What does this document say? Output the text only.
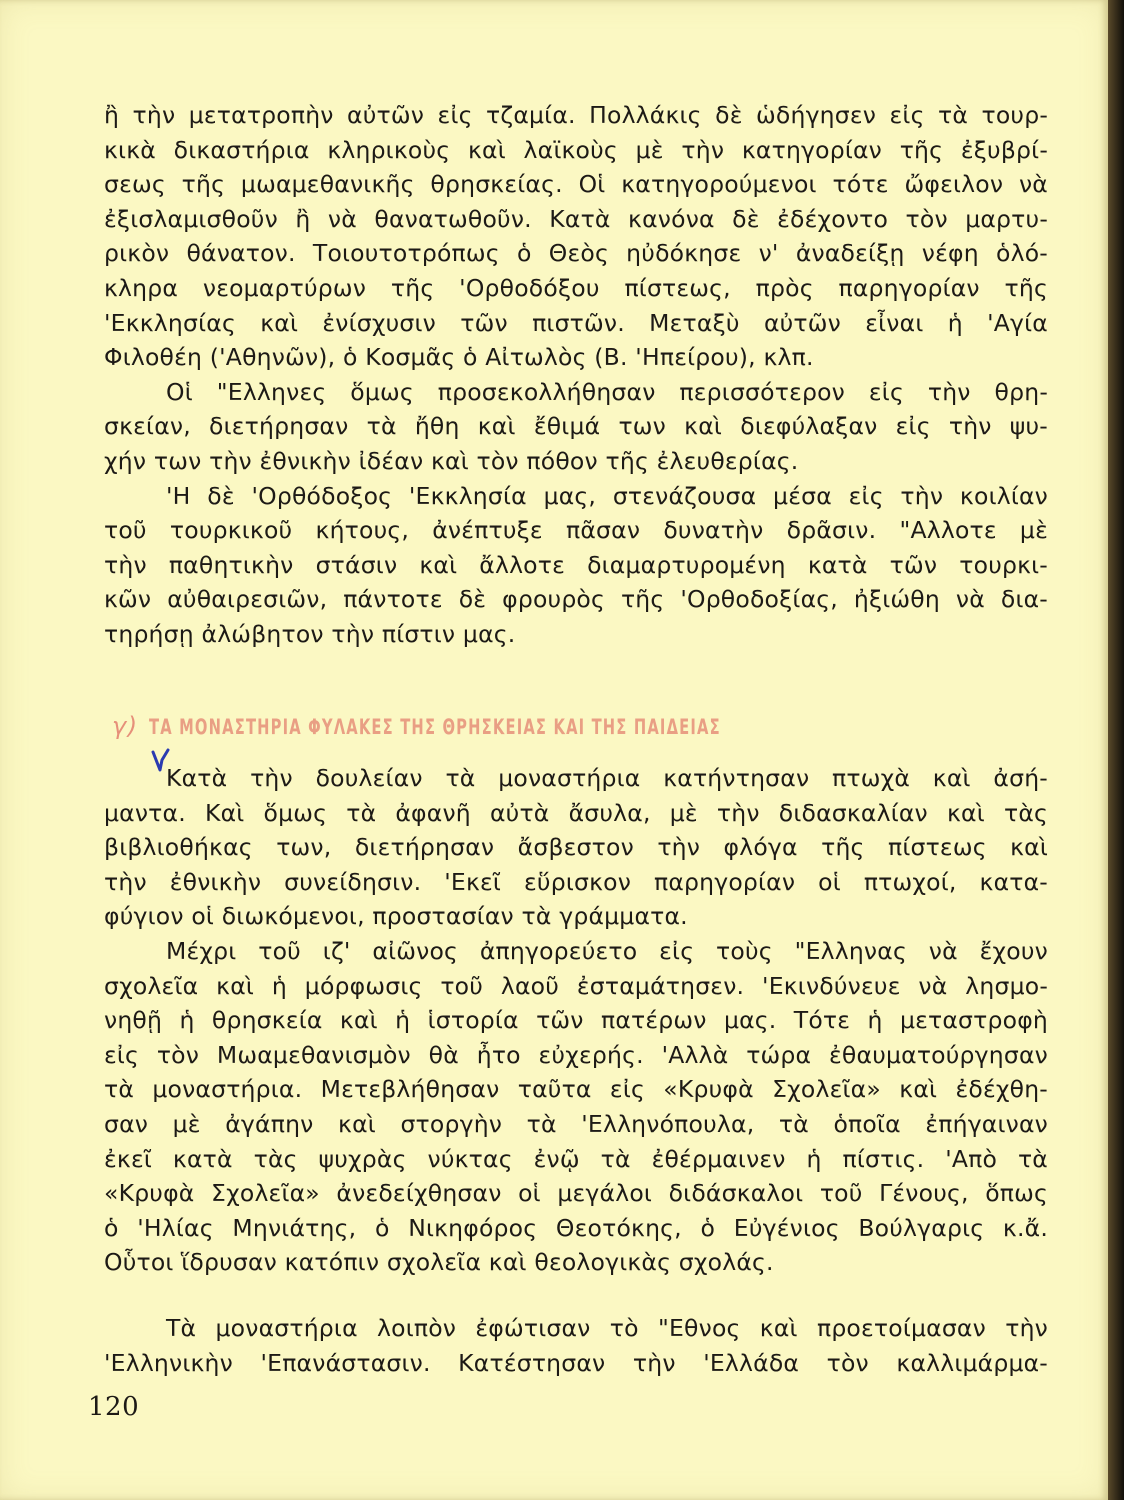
ἢ τὴν μετατροπὴν αὐτῶν εἰς τζαμία. Πολλάκις δὲ ὡδήγησεν εἰς τὰ τουρ-
κικὰ δικαστήρια κληρικοὺς καὶ λαϊκοὺς μὲ τὴν κατηγορίαν τῆς ἐξυβρί-
σεως τῆς μωαμεθανικῆς θρησκείας. Οἱ κατηγορούμενοι τότε ὤφειλον νὰ
ἐξισλαμισθοῦν ἢ νὰ θανατωθοῦν. Κατὰ κανόνα δὲ ἐδέχοντο τὸν μαρτυ-
ρικὸν θάνατον. Τοιουτοτρόπως ὁ Θεὸς ηὐδόκησε ν' ἀναδείξῃ νέφη ὁλό-
κληρα νεομαρτύρων τῆς 'Ορθοδόξου πίστεως, πρὸς παρηγορίαν τῆς
'Εκκλησίας καὶ ἐνίσχυσιν τῶν πιστῶν. Μεταξὺ αὐτῶν εἶναι ἡ 'Αγία
Φιλοθέη ('Αθηνῶν), ὁ Κοσμᾶς ὁ Αἰτωλὸς (Β. 'Ηπείρου), κλπ.

Οἱ "Ελληνες ὅμως προσεκολλήθησαν περισσότερον εἰς τὴν θρη-
σκείαν, διετήρησαν τὰ ἤθη καὶ ἔθιμά των καὶ διεφύλαξαν εἰς τὴν ψυ-
χήν των τὴν ἐθνικὴν ἰδέαν καὶ τὸν πόθον τῆς ἐλευθερίας.

'Η δὲ 'Ορθόδοξος 'Εκκλησία μας, στενάζουσα μέσα εἰς τὴν κοιλίαν
τοῦ τουρκικοῦ κήτους, ἀνέπτυξε πᾶσαν δυνατὴν δρᾶσιν. "Αλλοτε μὲ
τὴν παθητικὴν στάσιν καὶ ἄλλοτε διαμαρτυρομένη κατὰ τῶν τουρκι-
κῶν αὐθαιρεσιῶν, πάντοτε δὲ φρουρὸς τῆς 'Ορθοδοξίας, ἠξιώθη νὰ δια-
τηρήσῃ ἀλώβητον τὴν πίστιν μας.

γ) ΤΑ ΜΟΝΑΣΤΗΡΙΑ ΦΥΛΑΚΕΣ ΤΗΣ ΘΡΗΣΚΕΙΑΣ ΚΑΙ ΤΗΣ ΠΑΙΔΕΙΑΣ

Κατὰ τὴν δουλείαν τὰ μοναστήρια κατήντησαν πτωχὰ καὶ ἀσή-
μαντα. Καὶ ὅμως τὰ ἀφανῆ αὐτὰ ἄσυλα, μὲ τὴν διδασκαλίαν καὶ τὰς
βιβλιοθήκας των, διετήρησαν ἄσβεστον τὴν φλόγα τῆς πίστεως καὶ
τὴν ἐθνικὴν συνείδησιν. 'Εκεῖ εὕρισκον παρηγορίαν οἱ πτωχοί, κατα-
φύγιον οἱ διωκόμενοι, προστασίαν τὰ γράμματα.

Μέχρι τοῦ ιζ' αἰῶνος ἀπηγορεύετο εἰς τοὺς "Ελληνας νὰ ἔχουν
σχολεῖα καὶ ἡ μόρφωσις τοῦ λαοῦ ἐσταμάτησεν. 'Εκινδύνευε νὰ λησμο-
νηθῇ ἡ θρησκεία καὶ ἡ ἱστορία τῶν πατέρων μας. Τότε ἡ μεταστροφὴ
εἰς τὸν Μωαμεθανισμὸν θὰ ἦτο εὐχερής. 'Αλλὰ τώρα ἐθαυματούργησαν
τὰ μοναστήρια. Μετεβλήθησαν ταῦτα εἰς «Κρυφὰ Σχολεῖα» καὶ ἐδέχθη-
σαν μὲ ἀγάπην καὶ στοργὴν τὰ 'Ελληνόπουλα, τὰ ὁποῖα ἐπήγαιναν
ἐκεῖ κατὰ τὰς ψυχρὰς νύκτας ἐνῷ τὰ ἐθέρμαινεν ἡ πίστις. 'Απὸ τὰ
«Κρυφὰ Σχολεῖα» ἀνεδείχθησαν οἱ μεγάλοι διδάσκαλοι τοῦ Γένους, ὅπως
ὁ 'Ηλίας Μηνιάτης, ὁ Νικηφόρος Θεοτόκης, ὁ Εὐγένιος Βούλγαρις κ.ἄ.
Οὗτοι ἵδρυσαν κατόπιν σχολεῖα καὶ θεολογικὰς σχολάς.

Τὰ μοναστήρια λοιπὸν ἐφώτισαν τὸ "Εθνος καὶ προετοίμασαν τὴν
'Ελληνικὴν 'Επανάστασιν. Κατέστησαν τὴν 'Ελλάδα τὸν καλλιμάρμα-

120
